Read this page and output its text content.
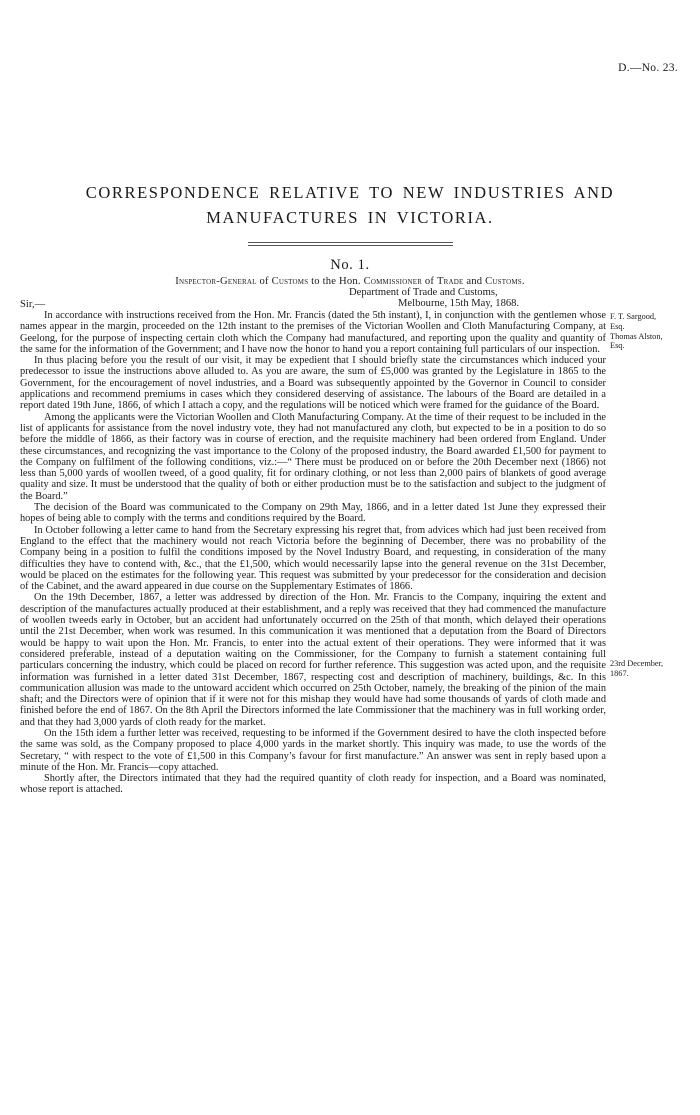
D.—No. 23.
CORRESPONDENCE RELATIVE TO NEW INDUSTRIES AND
MANUFACTURES IN VICTORIA.
No. 1.
Inspector-General of Customs to the Hon. Commissioner of Trade and Customs.
Department of Trade and Customs,
Sir,—	Melbourne, 15th May, 1868.

In accordance with instructions received from the Hon. Mr. Francis (dated the 5th instant), I, in conjunction with the gentlemen whose names appear in the margin, proceeded on the 12th instant to the premises of the Victorian Woollen and Cloth Manufacturing Company, at Geelong, for the purpose of inspecting certain cloth which the Company had manufactured, and reporting upon the quality and quantity of the same for the information of the Government; and I have now the honor to hand you a report containing full particulars of our inspection.

In thus placing before you the result of our visit, it may be expedient that I should briefly state the circumstances which induced your predecessor to issue the instructions above alluded to. As you are aware, the sum of £5,000 was granted by the Legislature in 1865 to the Government, for the encouragement of novel industries, and a Board was subsequently appointed by the Governor in Council to consider applications and recommend premiums in cases which they considered deserving of assistance. The labours of the Board are detailed in a report dated 19th June, 1866, of which I attach a copy, and the regulations will be noticed which were framed for the guidance of the Board.

Among the applicants were the Victorian Woollen and Cloth Manufacturing Company. At the time of their request to be included in the list of applicants for assistance from the novel industry vote, they had not manufactured any cloth, but expected to be in a position to do so before the middle of 1866, as their factory was in course of erection, and the requisite machinery had been ordered from England. Under these circumstances, and recognizing the vast importance to the Colony of the proposed industry, the Board awarded £1,500 for payment to the Company on fulfilment of the following conditions, viz.:—“ There must be produced on or before the 20th December next (1866) not less than 5,000 yards of woollen tweed, of a good quality, fit for ordinary clothing, or not less than 2,000 pairs of blankets of good average quality and size. It must be understood that the quality of both or either production must be to the satisfaction and subject to the judgment of the Board.”

The decision of the Board was communicated to the Company on 29th May, 1866, and in a letter dated 1st June they expressed their hopes of being able to comply with the terms and conditions required by the Board.

In October following a letter came to hand from the Secretary expressing his regret that, from advices which had just been received from England to the effect that the machinery would not reach Victoria before the beginning of December, there was no probability of the Company being in a position to fulfil the conditions imposed by the Novel Industry Board, and requesting, in consideration of the many difficulties they have to contend with, &c., that the £1,500, which would necessarily lapse into the general revenue on the 31st December, would be placed on the estimates for the following year. This request was submitted by your predecessor for the consideration and decision of the Cabinet, and the award appeared in due course on the Supplementary Estimates of 1866.

On the 19th December, 1867, a letter was addressed by direction of the Hon. Mr. Francis to the Company, inquiring the extent and description of the manufactures actually produced at their establishment, and a reply was received that they had commenced the manufacture of woollen tweeds early in October, but an accident had unfortunately occurred on the 25th of that month, which delayed their operations until the 21st December, when work was resumed. In this communication it was mentioned that a deputation from the Board of Directors would be happy to wait upon the Hon. Mr. Francis, to enter into the actual extent of their operations. They were informed that it was considered preferable, instead of a deputation waiting on the Commissioner, for the Company to furnish a statement containing full particulars concerning the industry, which could be placed on record for further reference. This suggestion was acted upon, and the requisite information was furnished in a letter dated 31st December, 1867, respecting cost and description of machinery, buildings, &c. In this communication allusion was made to the untoward accident which occurred on 25th October, namely, the breaking of the pinion of the main shaft; and the Directors were of opinion that if it were not for this mishap they would have had some thousands of yards of cloth made and finished before the end of 1867. On the 8th April the Directors informed the late Commissioner that the machinery was in full working order, and that they had 3,000 yards of cloth ready for the market.

On the 15th idem a further letter was received, requesting to be informed if the Government desired to have the cloth inspected before the same was sold, as the Company proposed to place 4,000 yards in the market shortly. This inquiry was made, to use the words of the Secretary, “ with respect to the vote of £1,500 in this Company’s favour for first manufacture.” An answer was sent in reply based upon a minute of the Hon. Mr. Francis—copy attached.

Shortly after, the Directors intimated that they had the required quantity of cloth ready for inspection, and a Board was nominated, whose report is attached.

F. T. Sargood,
Esq.
Thomas Alston,
Esq.
23rd December,
1867.
